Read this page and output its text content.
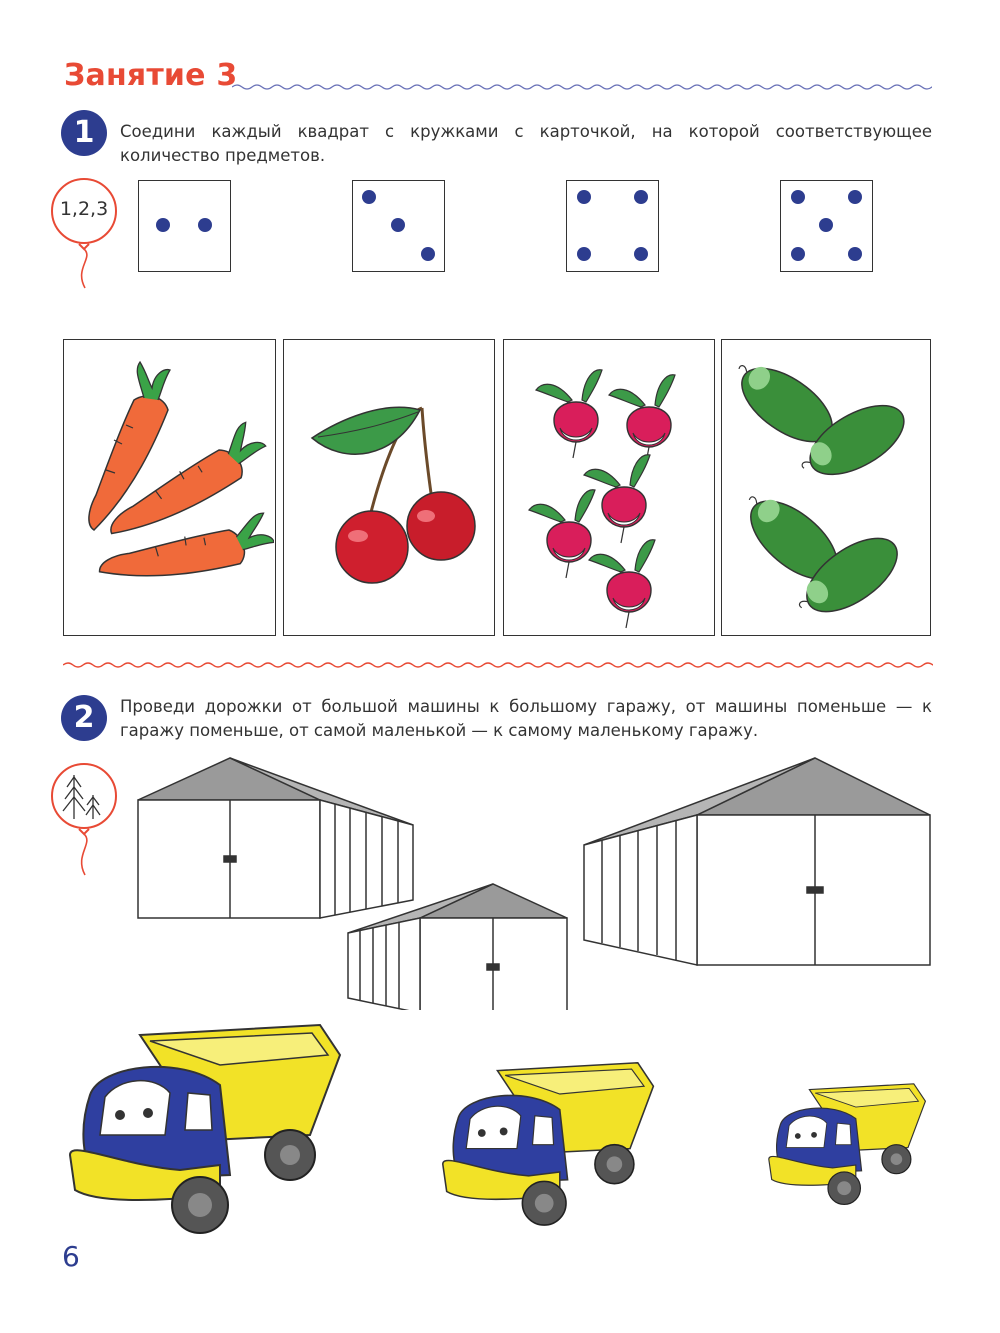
Занятие 3
1	Соедини каждый квадрат с кружками с карточкой, на которой соответствующее количество предметов.
1,2,3
2	Проведи дорожки от большой машины к большому гаражу, от машины поменьше — к гаражу поменьше, от самой маленькой — к самому маленькому гаражу.
6
